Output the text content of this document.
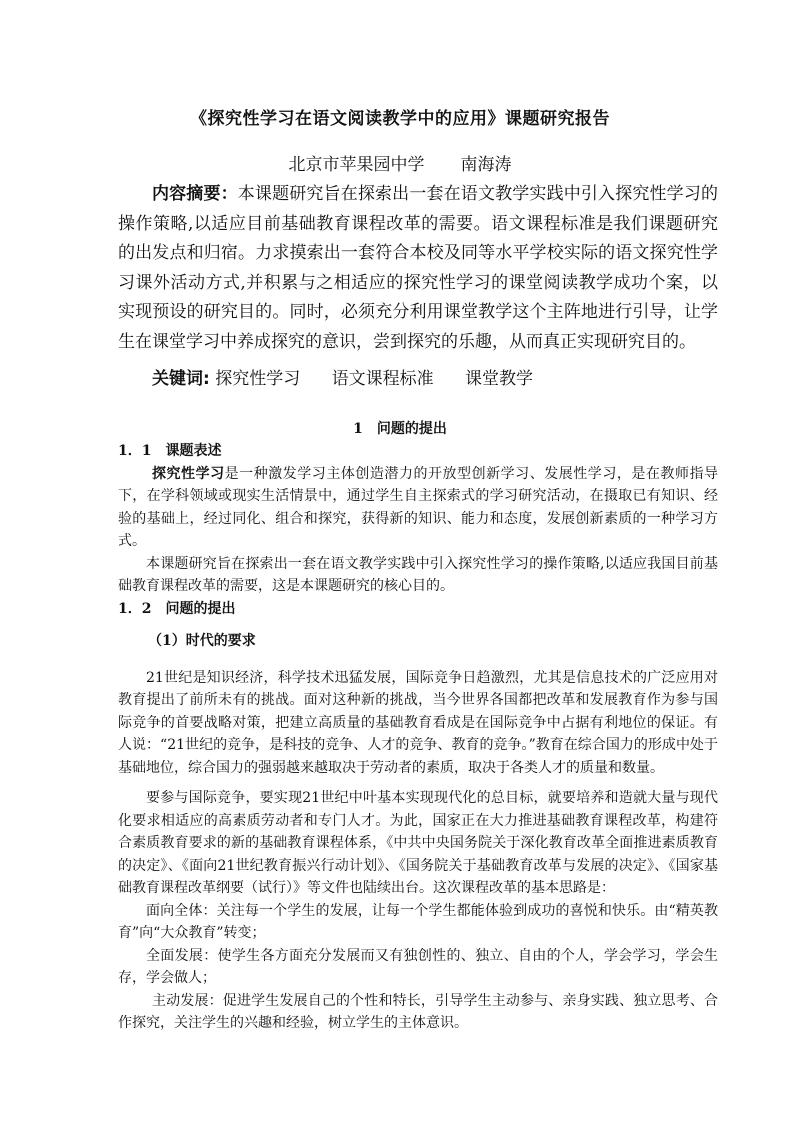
《探究性学习在语文阅读教学中的应用》课题研究报告
北京市苹果园中学 南海涛
内容摘要：本课题研究旨在探索出一套在语文教学实践中引入探究性学习的操作策略,以适应目前基础教育课程改革的需要。语文课程标准是我们课题研究的出发点和归宿。力求摸索出一套符合本校及同等水平学校实际的语文探究性学习课外活动方式,并积累与之相适应的探究性学习的课堂阅读教学成功个案，以实现预设的研究目的。同时，必须充分利用课堂教学这个主阵地进行引导，让学生在课堂学习中养成探究的意识，尝到探究的乐趣，从而真正实现研究目的。
关键词: 探究性学习 语文课程标准 课堂教学
1　问题的提出

1．1　课题表述

探究性学习是一种激发学习主体创造潜力的开放型创新学习、发展性学习，是在教师指导下，在学科领域或现实生活情景中，通过学生自主探索式的学习研究活动，在摄取已有知识、经验的基础上，经过同化、组合和探究，获得新的知识、能力和态度，发展创新素质的一种学习方式。

本课题研究旨在探索出一套在语文教学实践中引入探究性学习的操作策略,以适应我国目前基础教育课程改革的需要，这是本课题研究的核心目的。

1．2　问题的提出

（1）时代的要求

21世纪是知识经济，科学技术迅猛发展，国际竞争日趋激烈，尤其是信息技术的广泛应用对教育提出了前所未有的挑战。面对这种新的挑战，当今世界各国都把改革和发展教育作为参与国际竞争的首要战略对策，把建立高质量的基础教育看成是在国际竞争中占据有利地位的保证。有人说：“21世纪的竞争，是科技的竞争、人才的竞争、教育的竞争。”教育在综合国力的形成中处于基础地位，综合国力的强弱越来越取决于劳动者的素质，取决于各类人才的质量和数量。

要参与国际竞争，要实现21世纪中叶基本实现现代化的总目标，就要培养和造就大量与现代化要求相适应的高素质劳动者和专门人才。为此，国家正在大力推进基础教育课程改革，构建符合素质教育要求的新的基础教育课程体系，《中共中央国务院关于深化教育改革全面推进素质教育的决定》、《面向21世纪教育振兴行动计划》、《国务院关于基础教育改革与发展的决定》、《国家基础教育课程改革纲要（试行）》等文件也陆续出台。这次课程改革的基本思路是：

面向全体：关注每一个学生的发展，让每一个学生都能体验到成功的喜悦和快乐。由“精英教育”向“大众教育”转变；

全面发展：使学生各方面充分发展而又有独创性的、独立、自由的个人，学会学习，学会生存，学会做人；

主动发展：促进学生发展自己的个性和特长，引导学生主动参与、亲身实践、独立思考、合作探究，关注学生的兴趣和经验，树立学生的主体意识。
